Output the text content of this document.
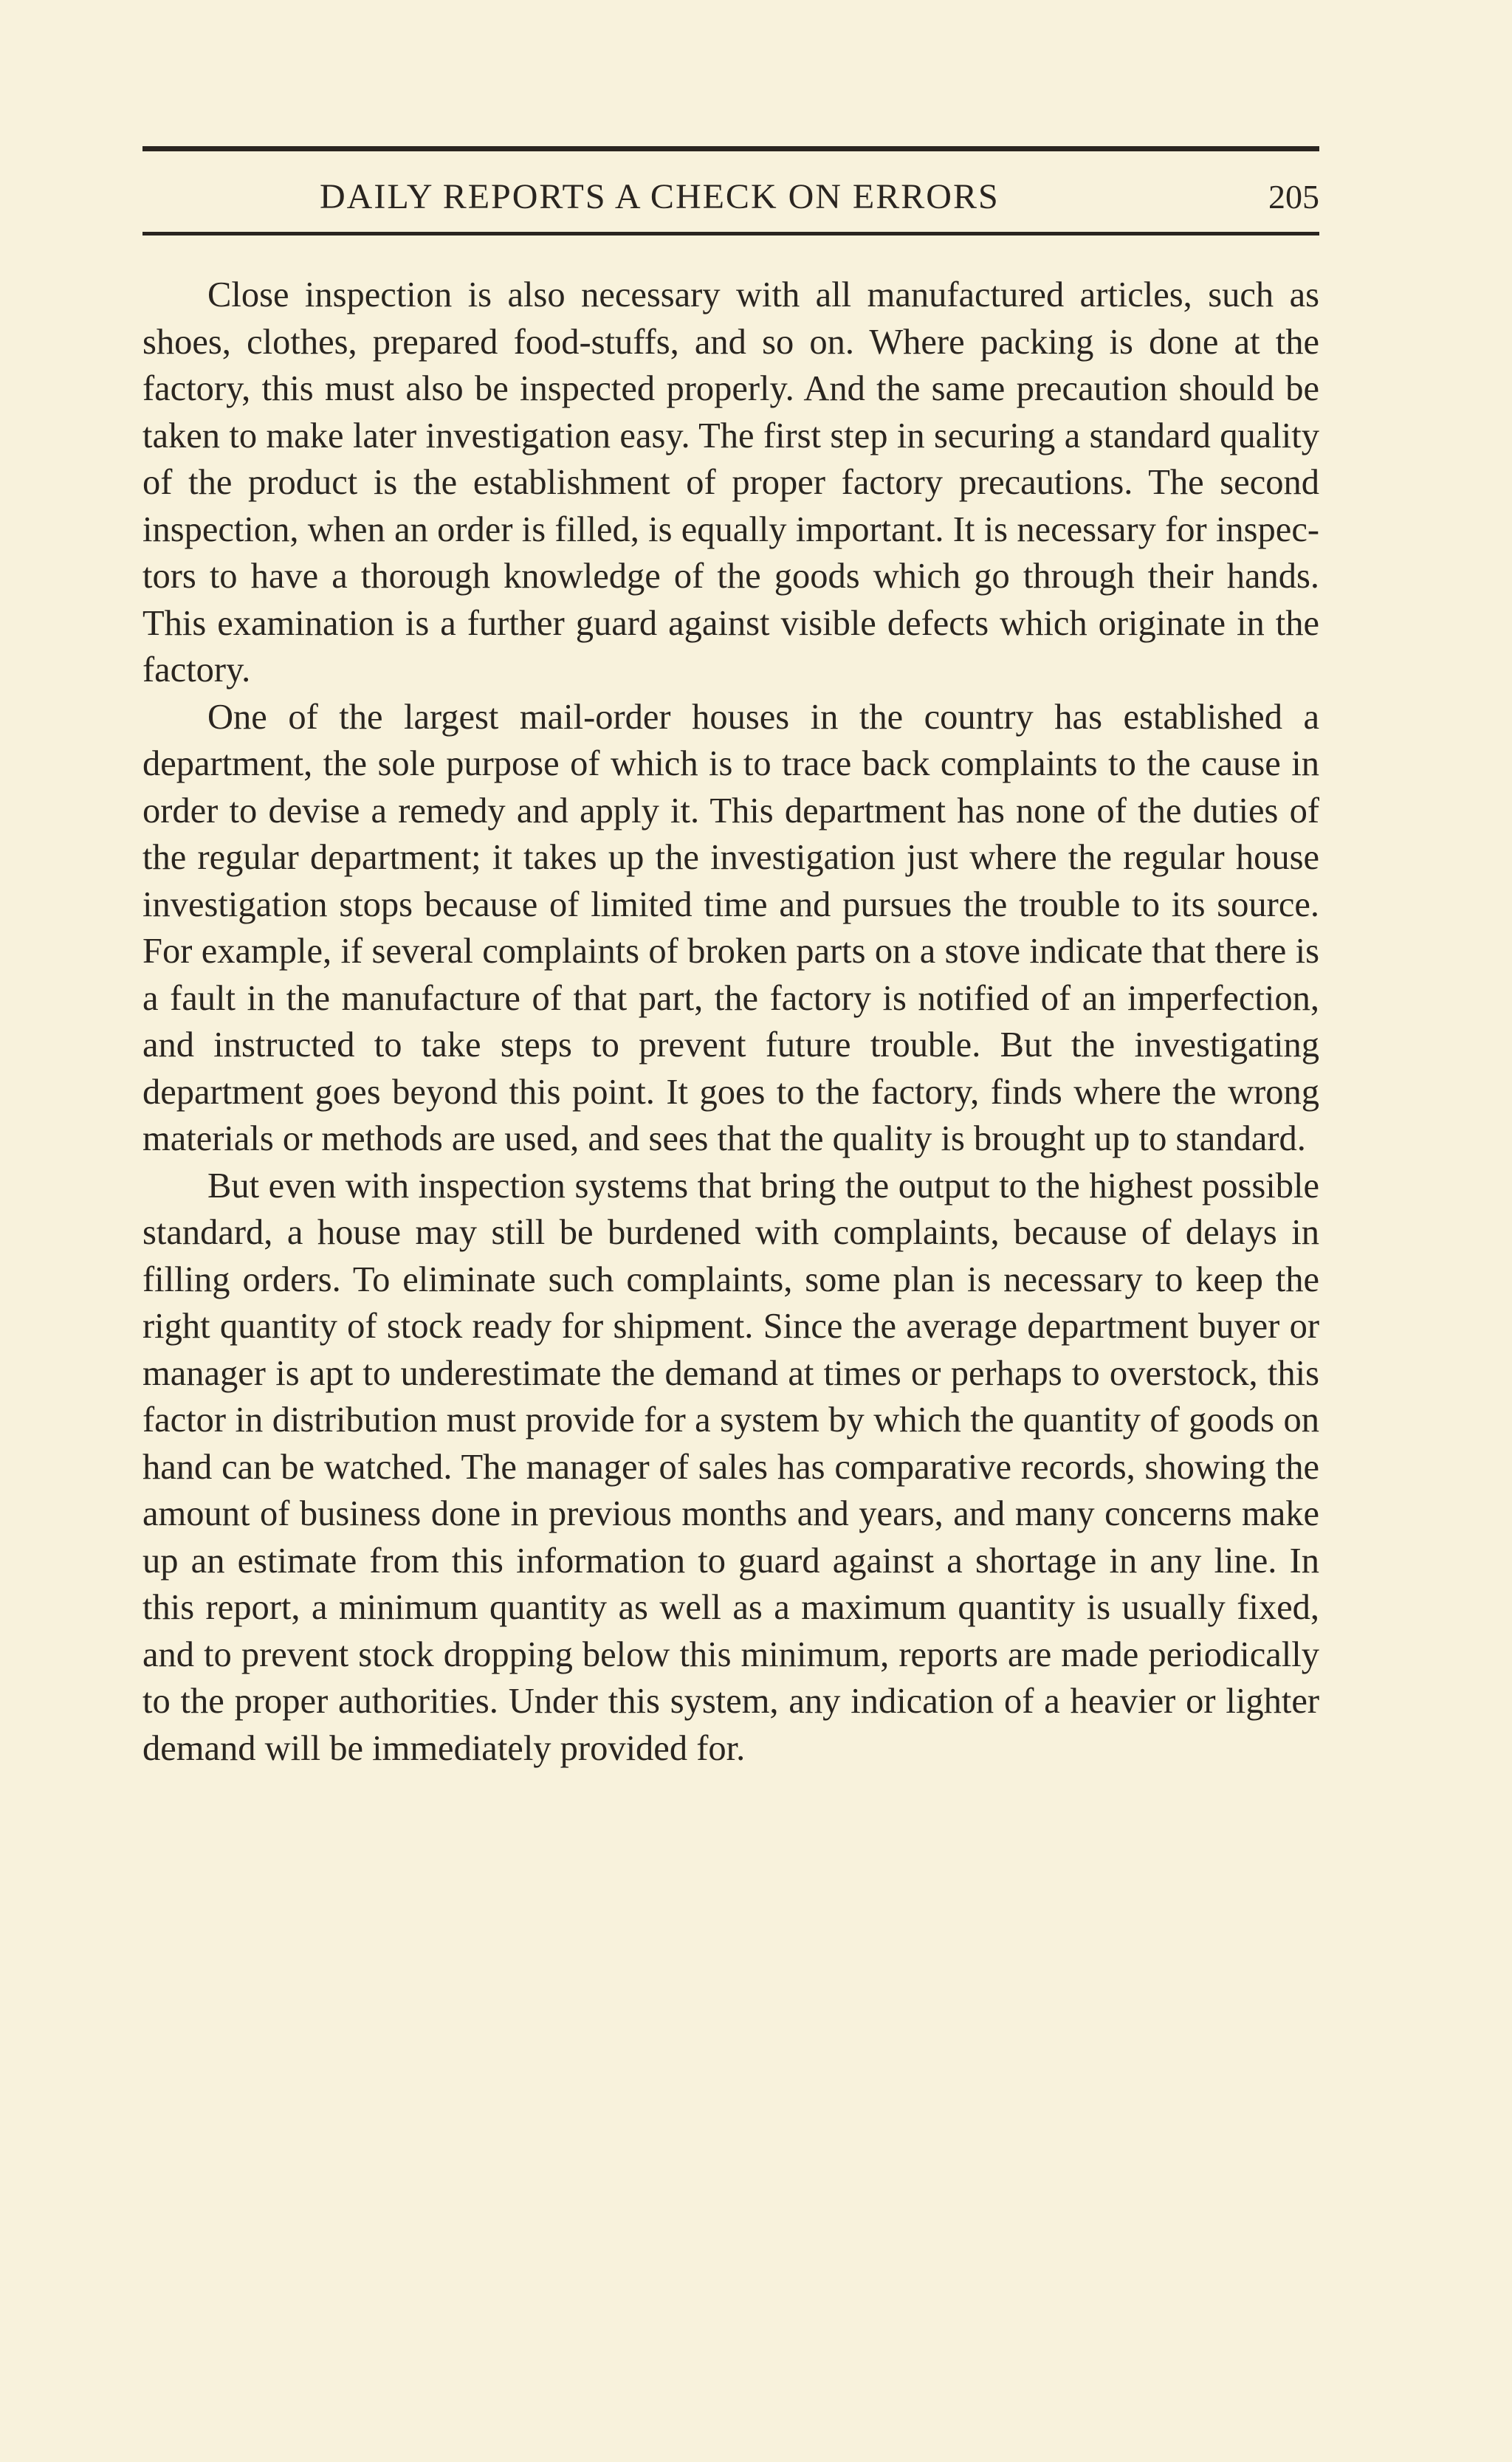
DAILY REPORTS A CHECK ON ERRORS	205

Close inspection is also necessary with all manufactured articles, such as shoes, clothes, prepared food-stuffs, and so on. Where packing is done at the factory, this must also be inspected properly. And the same precaution should be taken to make later investigation easy. The first step in securing a standard quality of the product is the establishment of proper factory precautions. The second inspection, when an order is filled, is equally important. It is necessary for inspectors to have a thorough knowledge of the goods which go through their hands. This examination is a further guard against visible defects which originate in the factory.

One of the largest mail-order houses in the country has established a department, the sole purpose of which is to trace back complaints to the cause in order to devise a remedy and apply it. This department has none of the duties of the regular department; it takes up the investigation just where the regular house investigation stops because of limited time and pursues the trouble to its source. For example, if several complaints of broken parts on a stove indicate that there is a fault in the manufacture of that part, the factory is notified of an imperfection, and instructed to take steps to prevent future trouble. But the investigating department goes beyond this point. It goes to the factory, finds where the wrong materials or methods are used, and sees that the quality is brought up to standard.

But even with inspection systems that bring the output to the highest possible standard, a house may still be burdened with complaints, because of delays in filling orders. To eliminate such complaints, some plan is necessary to keep the right quantity of stock ready for shipment. Since the average department buyer or manager is apt to underestimate the demand at times or perhaps to overstock, this factor in distribution must provide for a system by which the quantity of goods on hand can be watched. The manager of sales has comparative records, showing the amount of business done in previous months and years, and many concerns make up an estimate from this information to guard against a shortage in any line. In this report, a minimum quantity as well as a maximum quantity is usually fixed, and to prevent stock dropping below this minimum, reports are made periodically to the proper authorities. Under this system, any indication of a heavier or lighter demand will be immediately provided for.
